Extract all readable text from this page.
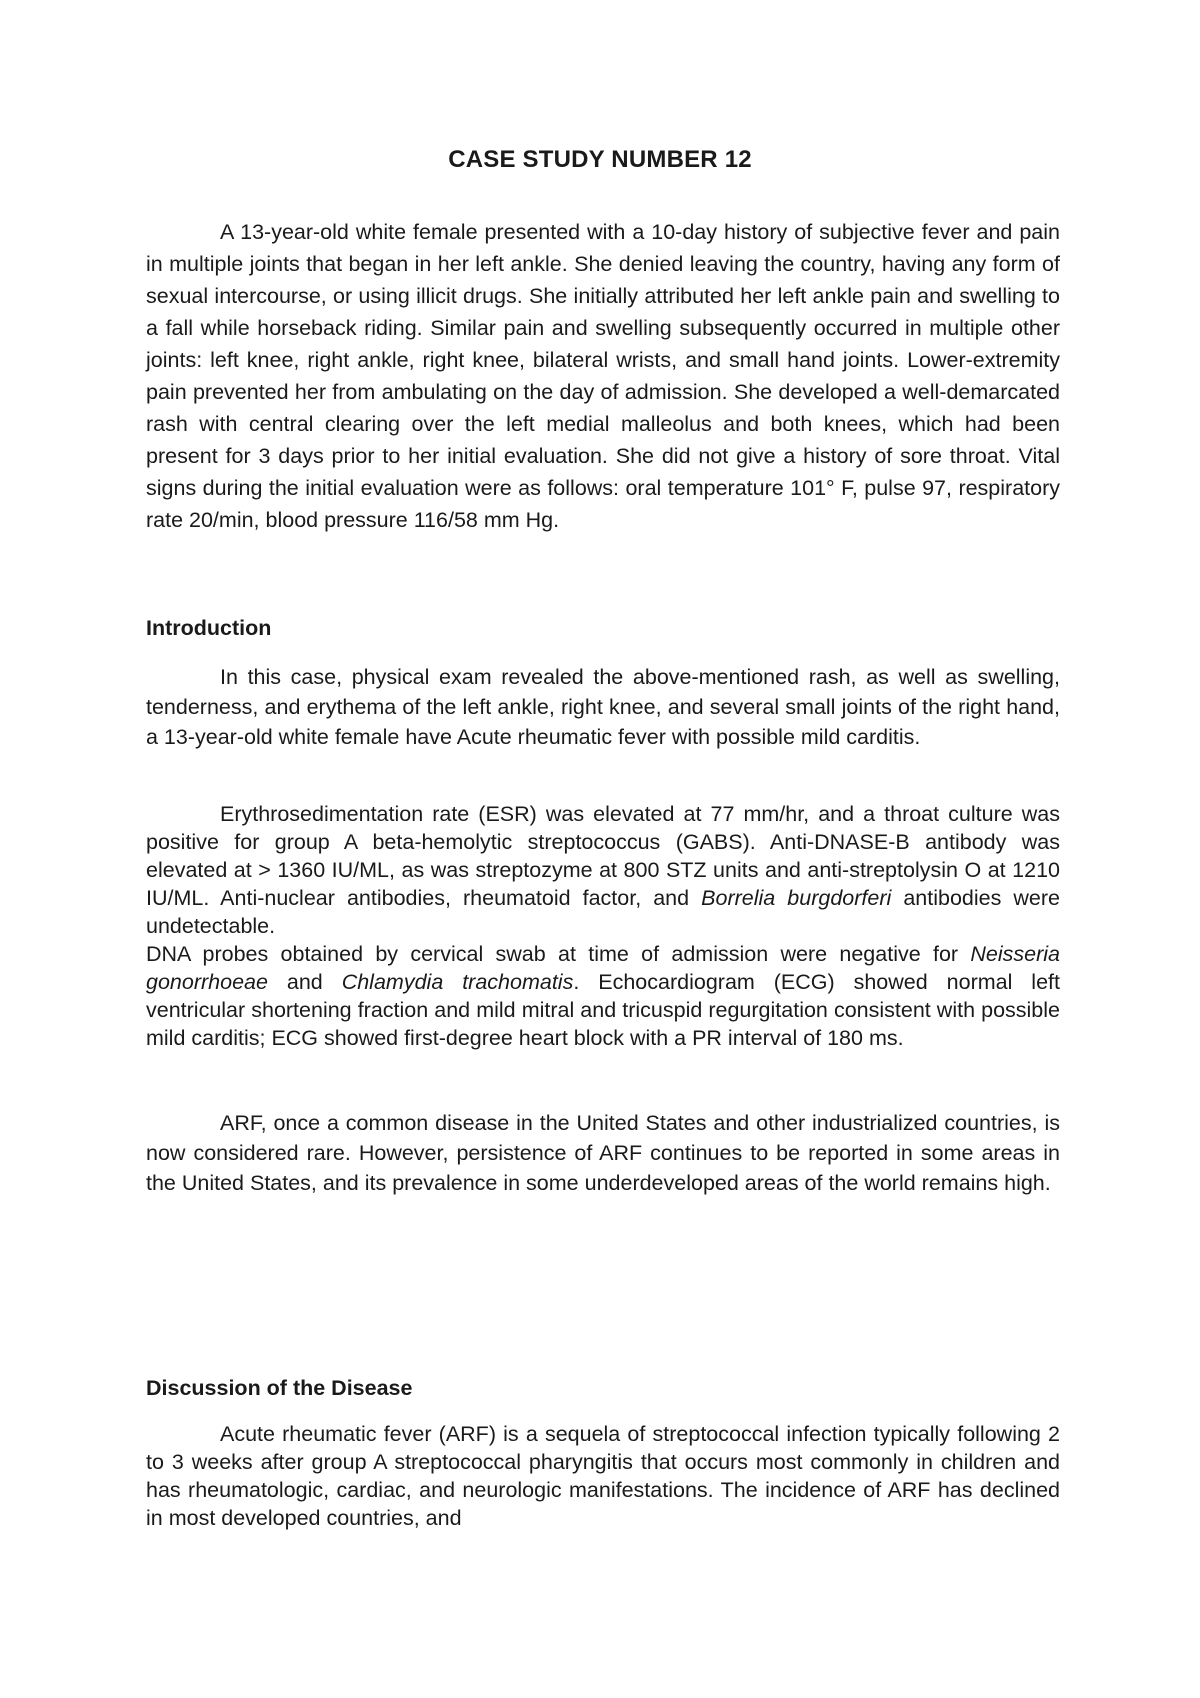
CASE STUDY NUMBER 12

A 13-year-old white female presented with a 10-day history of subjective fever and pain in multiple joints that began in her left ankle. She denied leaving the country, having any form of sexual intercourse, or using illicit drugs. She initially attributed her left ankle pain and swelling to a fall while horseback riding. Similar pain and swelling subsequently occurred in multiple other joints: left knee, right ankle, right knee, bilateral wrists, and small hand joints. Lower-extremity pain prevented her from ambulating on the day of admission. She developed a well-demarcated rash with central clearing over the left medial malleolus and both knees, which had been present for 3 days prior to her initial evaluation. She did not give a history of sore throat. Vital signs during the initial evaluation were as follows: oral temperature 101° F, pulse 97, respiratory rate 20/min, blood pressure 116/58 mm Hg.

Introduction

In this case, physical exam revealed the above-mentioned rash, as well as swelling, tenderness, and erythema of the left ankle, right knee, and several small joints of the right hand, a 13-year-old white female have Acute rheumatic fever with possible mild carditis.

Erythrosedimentation rate (ESR) was elevated at 77 mm/hr, and a throat culture was positive for group A beta-hemolytic streptococcus (GABS). Anti-DNASE-B antibody was elevated at > 1360 IU/ML, as was streptozyme at 800 STZ units and anti-streptolysin O at 1210 IU/ML. Anti-nuclear antibodies, rheumatoid factor, and Borrelia burgdorferi antibodies were undetectable.

DNA probes obtained by cervical swab at time of admission were negative for Neisseria gonorrhoeae and Chlamydia trachomatis. Echocardiogram (ECG) showed normal left ventricular shortening fraction and mild mitral and tricuspid regurgitation consistent with possible mild carditis; ECG showed first-degree heart block with a PR interval of 180 ms.

ARF, once a common disease in the United States and other industrialized countries, is now considered rare. However, persistence of ARF continues to be reported in some areas in the United States, and its prevalence in some underdeveloped areas of the world remains high.

Discussion of the Disease

Acute rheumatic fever (ARF) is a sequela of streptococcal infection typically following 2 to 3 weeks after group A streptococcal pharyngitis that occurs most commonly in children and has rheumatologic, cardiac, and neurologic manifestations. The incidence of ARF has declined in most developed countries, and
